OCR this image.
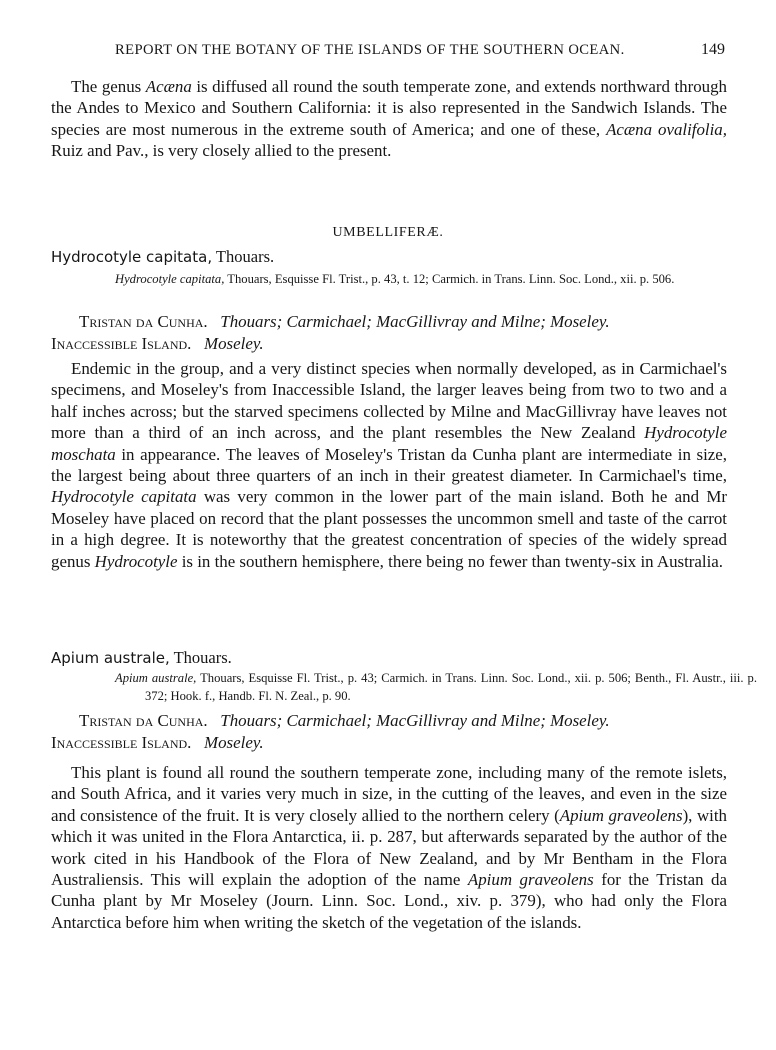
REPORT ON THE BOTANY OF THE ISLANDS OF THE SOUTHERN OCEAN.	149

The genus Acæna is diffused all round the south temperate zone, and extends northward through the Andes to Mexico and Southern California: it is also represented in the Sandwich Islands. The species are most numerous in the extreme south of America; and one of these, Acæna ovalifolia, Ruiz and Pav., is very closely allied to the present.

UMBELLIFERÆ.
Hydrocotyle capitata, Thouars.

Hydrocotyle capitata, Thouars, Esquisse Fl. Trist., p. 43, t. 12; Carmich. in Trans. Linn. Soc. Lond., xii. p. 506.

Tristan da Cunha. Thouars; Carmichael; MacGillivray and Milne; Moseley.
Inaccessible Island. Moseley.

Endemic in the group, and a very distinct species when normally developed, as in Carmichael's specimens, and Moseley's from Inaccessible Island, the larger leaves being from two to two and a half inches across; but the starved specimens collected by Milne and MacGillivray have leaves not more than a third of an inch across, and the plant resembles the New Zealand Hydrocotyle moschata in appearance. The leaves of Moseley's Tristan da Cunha plant are intermediate in size, the largest being about three quarters of an inch in their greatest diameter. In Carmichael's time, Hydrocotyle capitata was very common in the lower part of the main island. Both he and Mr Moseley have placed on record that the plant possesses the uncommon smell and taste of the carrot in a high degree. It is noteworthy that the greatest concentration of species of the widely spread genus Hydrocotyle is in the southern hemisphere, there being no fewer than twenty-six in Australia.

Apium australe, Thouars.

Apium australe, Thouars, Esquisse Fl. Trist., p. 43; Carmich. in Trans. Linn. Soc. Lond., xii. p. 506; Benth., Fl. Austr., iii. p. 372; Hook. f., Handb. Fl. N. Zeal., p. 90.

Tristan da Cunha. Thouars; Carmichael; MacGillivray and Milne; Moseley.
Inaccessible Island. Moseley.

This plant is found all round the southern temperate zone, including many of the remote islets, and South Africa, and it varies very much in size, in the cutting of the leaves, and even in the size and consistence of the fruit. It is very closely allied to the northern celery (Apium graveolens), with which it was united in the Flora Antarctica, ii. p. 287, but afterwards separated by the author of the work cited in his Handbook of the Flora of New Zealand, and by Mr Bentham in the Flora Australiensis. This will explain the adoption of the name Apium graveolens for the Tristan da Cunha plant by Mr Moseley (Journ. Linn. Soc. Lond., xiv. p. 379), who had only the Flora Antarctica before him when writing the sketch of the vegetation of the islands.
